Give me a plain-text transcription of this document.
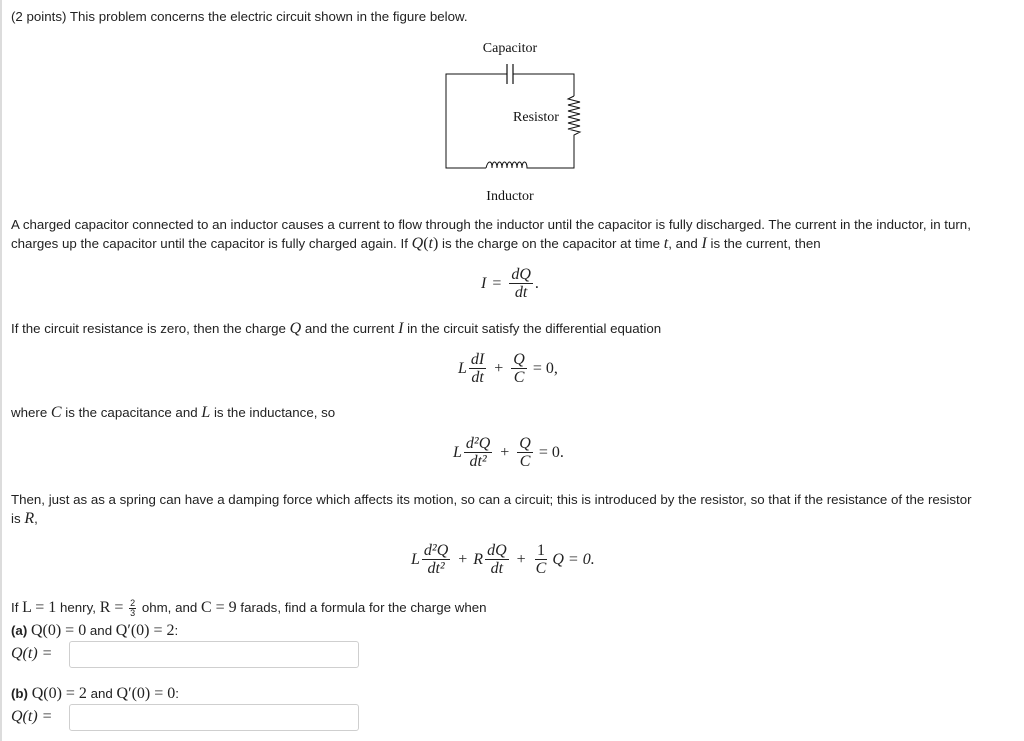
(2 points) This problem concerns the electric circuit shown in the figure below.
Capacitor
Resistor
Inductor
A charged capacitor connected to an inductor causes a current to flow through the inductor until the capacitor is fully discharged. The current in the inductor, in turn,
charges up the capacitor until the capacitor is fully charged again. If Q(t) is the charge on the capacitor at time t, and I is the current, then
$I = \frac{dQ}{dt}$ .
If the circuit resistance is zero, then the charge Q and the current I in the circuit satisfy the differential equation
L $\frac{dI}{dt} + \frac{Q}{C} = 0$,
where C is the capacitance and L is the inductance, so
L $\frac{\text{d²Q}}{\text{dt²}} + \frac{Q}{C} = 0$.
Then, just as as a spring can have a damping force which affects its motion, so can a circuit; this is introduced by the resistor, so that if the resistance of the resistor
is R,
L $\frac{\text{d²Q}}{\text{dt²}} + R \frac{dQ}{dt} + \frac{1}{C}$ Q = 0.
If L = 1 henry, $R = \frac{2}{3}$ ohm, and C = 9 farads, find a formula for the charge when
(a) Q(0) = 0 and Q′(0) = 2:
Q(t) =
(b) Q(0) = 2 and Q′(0) = 0:
Q(t) =
